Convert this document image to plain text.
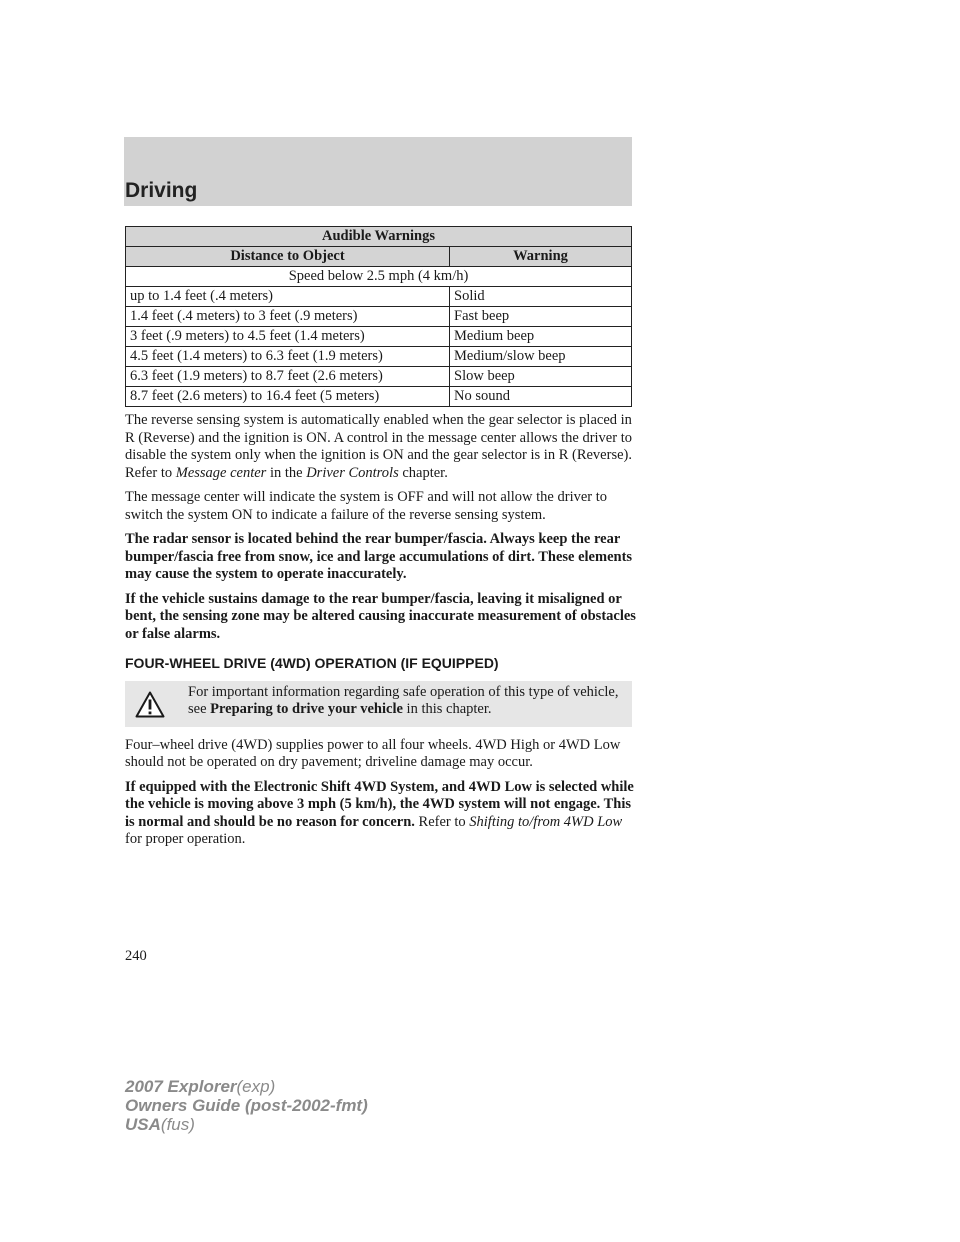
Driving
Audible Warnings	
Distance to Object	Warning
Speed below 2.5 mph (4 km/h)	
up to 1.4 feet (.4 meters)	Solid
1.4 feet (.4 meters) to 3 feet (.9 meters)	Fast beep
3 feet (.9 meters) to 4.5 feet (1.4 meters)	Medium beep
4.5 feet (1.4 meters) to 6.3 feet (1.9 meters)	Medium/slow beep
6.3 feet (1.9 meters) to 8.7 feet (2.6 meters)	Slow beep
8.7 feet (2.6 meters) to 16.4 feet (5 meters)	No sound

The reverse sensing system is automatically enabled when the gear selector is placed in R (Reverse) and the ignition is ON. A control in the message center allows the driver to disable the system only when the ignition is ON and the gear selector is in R (Reverse). Refer to Message center in the Driver Controls chapter.

The message center will indicate the system is OFF and will not allow the driver to switch the system ON to indicate a failure of the reverse sensing system.

The radar sensor is located behind the rear bumper/fascia. Always keep the rear bumper/fascia free from snow, ice and large accumulations of dirt. These elements may cause the system to operate inaccurately.

If the vehicle sustains damage to the rear bumper/fascia, leaving it misaligned or bent, the sensing zone may be altered causing inaccurate measurement of obstacles or false alarms.

FOUR-WHEEL DRIVE (4WD) OPERATION (IF EQUIPPED)
For important information regarding safe operation of this type of vehicle, see Preparing to drive your vehicle in this chapter.

Four–wheel drive (4WD) supplies power to all four wheels. 4WD High or 4WD Low should not be operated on dry pavement; driveline damage may occur.

If equipped with the Electronic Shift 4WD System, and 4WD Low is selected while the vehicle is moving above 3 mph (5 km/h), the 4WD system will not engage. This is normal and should be no reason for concern. Refer to Shifting to/from 4WD Low for proper operation.

240
2007 Explorer(exp)
Owners Guide (post-2002-fmt)
USA(fus)
